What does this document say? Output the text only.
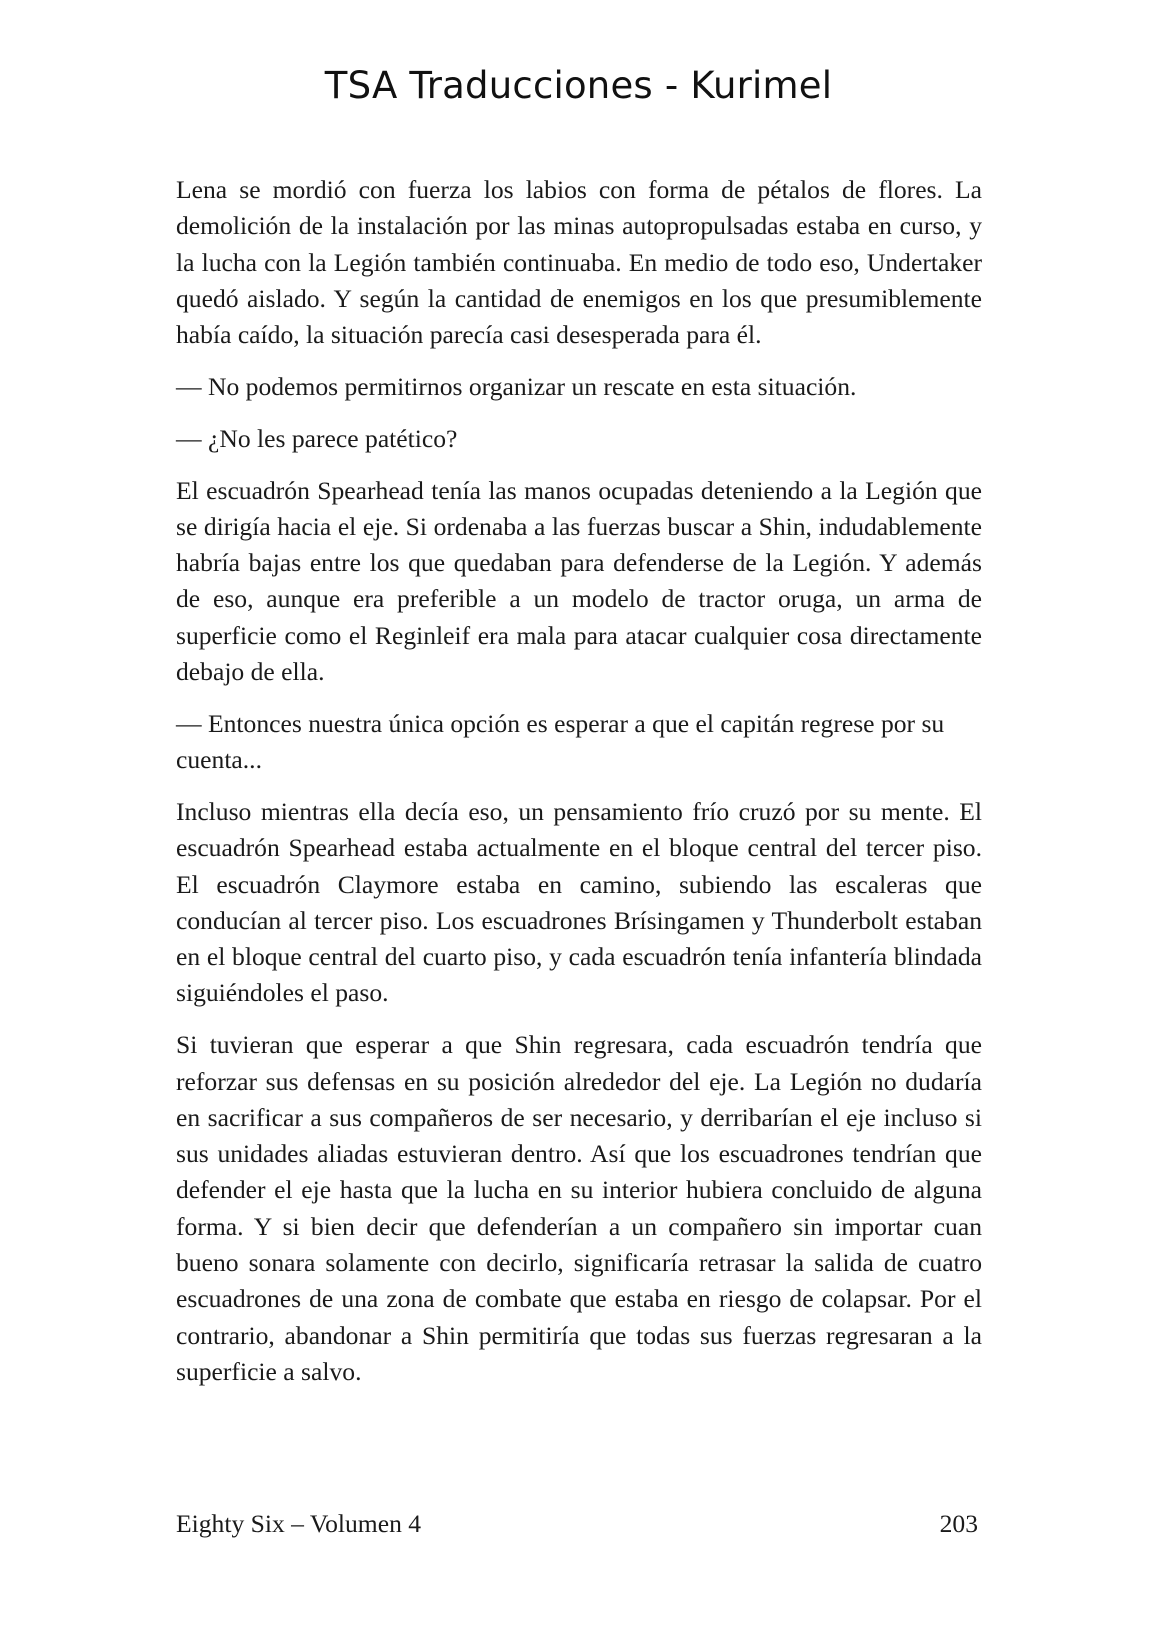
TSA Traducciones - Kurimel

Lena se mordió con fuerza los labios con forma de pétalos de flores. La demolición de la instalación por las minas autopropulsadas estaba en curso, y la lucha con la Legión también continuaba. En medio de todo eso, Undertaker quedó aislado. Y según la cantidad de enemigos en los que presumiblemente había caído, la situación parecía casi desesperada para él.

— No podemos permitirnos organizar un rescate en esta situación.

— ¿No les parece patético?

El escuadrón Spearhead tenía las manos ocupadas deteniendo a la Legión que se dirigía hacia el eje. Si ordenaba a las fuerzas buscar a Shin, indudablemente habría bajas entre los que quedaban para defenderse de la Legión. Y además de eso, aunque era preferible a un modelo de tractor oruga, un arma de superficie como el Reginleif era mala para atacar cualquier cosa directamente debajo de ella.

— Entonces nuestra única opción es esperar a que el capitán regrese por su cuenta...

Incluso mientras ella decía eso, un pensamiento frío cruzó por su mente. El escuadrón Spearhead estaba actualmente en el bloque central del tercer piso. El escuadrón Claymore estaba en camino, subiendo las escaleras que conducían al tercer piso. Los escuadrones Brísingamen y Thunderbolt estaban en el bloque central del cuarto piso, y cada escuadrón tenía infantería blindada siguiéndoles el paso.

Si tuvieran que esperar a que Shin regresara, cada escuadrón tendría que reforzar sus defensas en su posición alrededor del eje. La Legión no dudaría en sacrificar a sus compañeros de ser necesario, y derribarían el eje incluso si sus unidades aliadas estuvieran dentro. Así que los escuadrones tendrían que defender el eje hasta que la lucha en su interior hubiera concluido de alguna forma. Y si bien decir que defenderían a un compañero sin importar cuan bueno sonara solamente con decirlo, significaría retrasar la salida de cuatro escuadrones de una zona de combate que estaba en riesgo de colapsar. Por el contrario, abandonar a Shin permitiría que todas sus fuerzas regresaran a la superficie a salvo.

Eighty Six – Volumen 4	203
